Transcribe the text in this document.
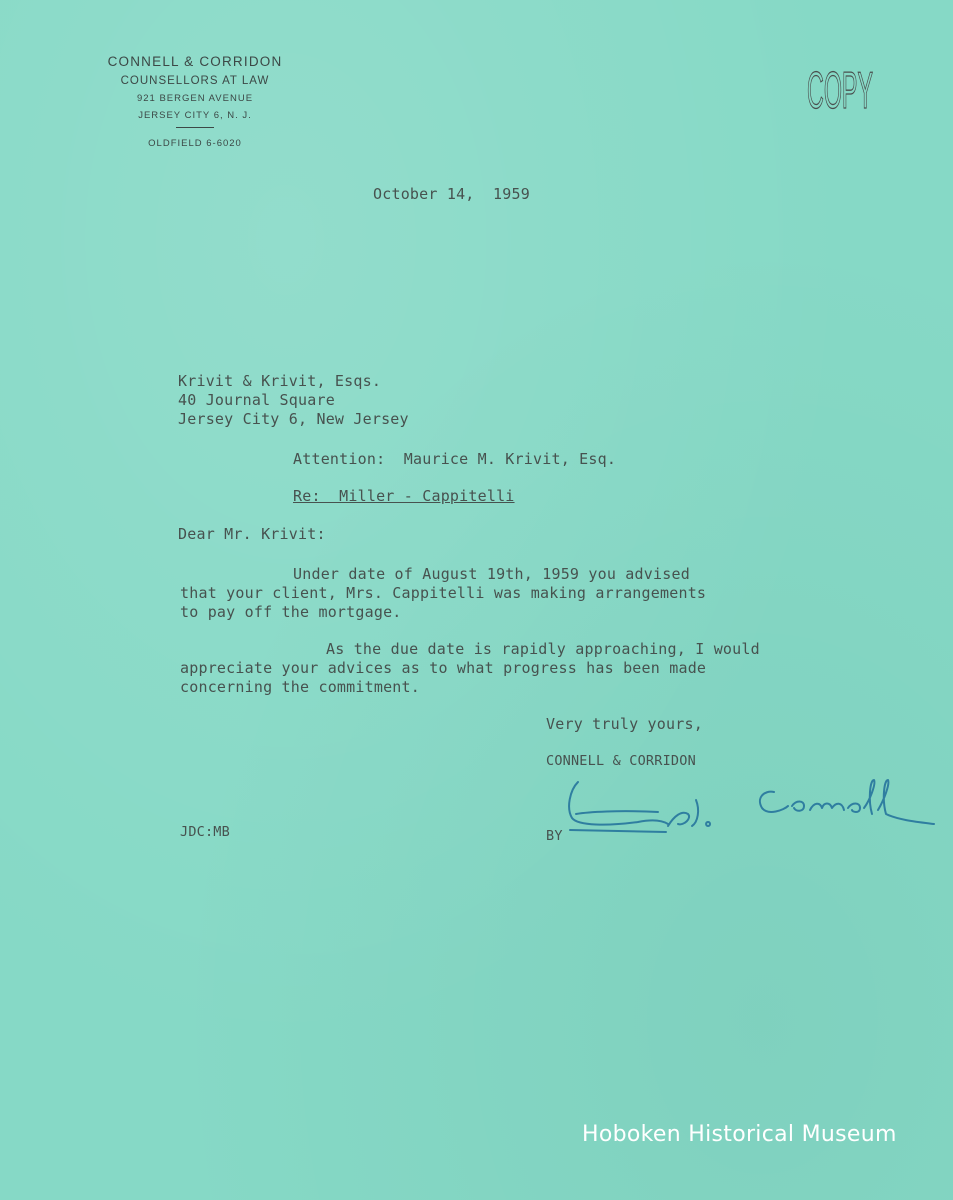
CONNELL & CORRIDON
COUNSELLORS AT LAW
921 BERGEN AVENUE
JERSEY CITY 6, N. J.
OLDFIELD 6-6020
COPY
October 14,  1959
Krivit & Krivit, Esqs.
40 Journal Square
Jersey City 6, New Jersey
Attention:  Maurice M. Krivit, Esq.
Re:  Miller - Cappitelli
Dear Mr. Krivit:
Under date of August 19th, 1959 you advised
that your client, Mrs. Cappitelli was making arrangements
to pay off the mortgage.
As the due date is rapidly approaching, I would
appreciate your advices as to what progress has been made
concerning the commitment.
Very truly yours,
CONNELL & CORRIDON
JDC:MB	BY
Hoboken Historical Museum
